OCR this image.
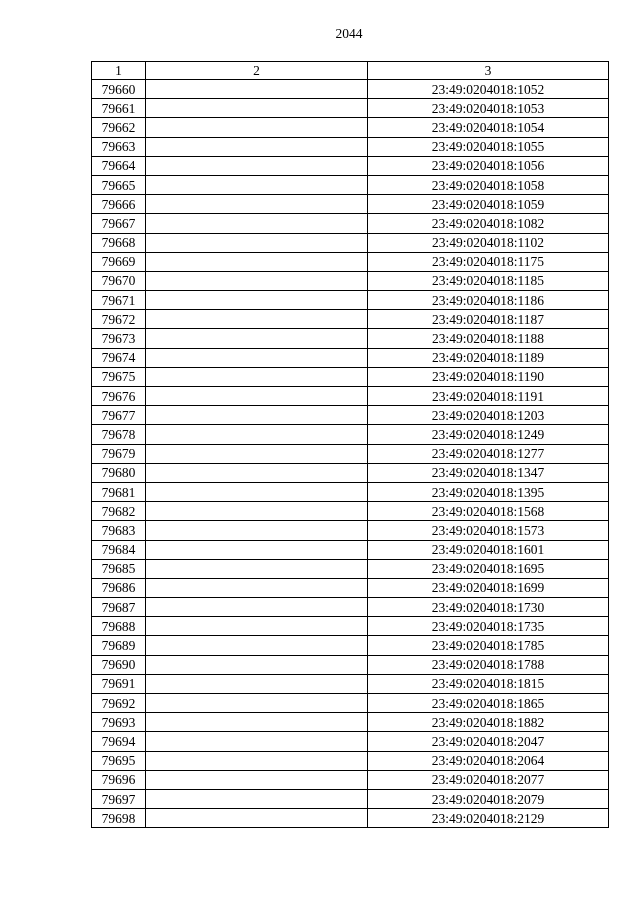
2044
1	2	3
79660		23:49:0204018:1052
79661		23:49:0204018:1053
79662		23:49:0204018:1054
79663		23:49:0204018:1055
79664		23:49:0204018:1056
79665		23:49:0204018:1058
79666		23:49:0204018:1059
79667		23:49:0204018:1082
79668		23:49:0204018:1102
79669		23:49:0204018:1175
79670		23:49:0204018:1185
79671		23:49:0204018:1186
79672		23:49:0204018:1187
79673		23:49:0204018:1188
79674		23:49:0204018:1189
79675		23:49:0204018:1190
79676		23:49:0204018:1191
79677		23:49:0204018:1203
79678		23:49:0204018:1249
79679		23:49:0204018:1277
79680		23:49:0204018:1347
79681		23:49:0204018:1395
79682		23:49:0204018:1568
79683		23:49:0204018:1573
79684		23:49:0204018:1601
79685		23:49:0204018:1695
79686		23:49:0204018:1699
79687		23:49:0204018:1730
79688		23:49:0204018:1735
79689		23:49:0204018:1785
79690		23:49:0204018:1788
79691		23:49:0204018:1815
79692		23:49:0204018:1865
79693		23:49:0204018:1882
79694		23:49:0204018:2047
79695		23:49:0204018:2064
79696		23:49:0204018:2077
79697		23:49:0204018:2079
79698		23:49:0204018:2129
